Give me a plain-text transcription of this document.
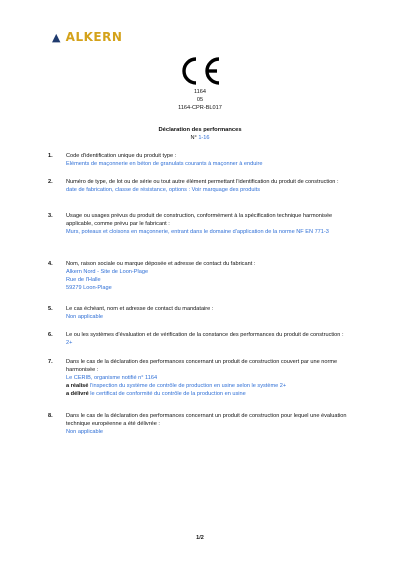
▲ ALKERN
1164
05
1164-CPR-BL017
Déclaration des performances
N° 1-16
1. Code d'identification unique du produit type :
Eléments de maçonnerie en béton de granulats courants à maçonner à enduire
2. Numéro de type, de lot ou de série ou tout autre élément permettant l'identification du produit de construction :
date de fabrication, classe de résistance, options : Voir marquage des produits
3. Usage ou usages prévus du produit de construction, conformément à la spécification technique harmonisée applicable, comme prévu par le fabricant :
Murs, poteaux et cloisons en maçonnerie, entrant dans le domaine d'application de la norme NF EN 771-3
4. Nom, raison sociale ou marque déposée et adresse de contact du fabricant :
Alkern Nord - Site de Loon-Plage
Rue de l'Halle
59279 Loon-Plage
5. Le cas échéant, nom et adresse de contact du mandataire :
Non applicable
6. Le ou les systèmes d'évaluation et de vérification de la constance des performances du produit de construction : 2+
7. Dans le cas de la déclaration des performances concernant un produit de construction couvert par une norme harmonisée :
Le CERIB, organisme notifié n° 1164
a réalisé l'inspection du système de contrôle de production en usine selon le système 2+
a délivré le certificat de conformité du contrôle de la production en usine
8. Dans le cas de la déclaration des performances concernant un produit de construction pour lequel une évaluation technique européenne a été délivrée :
Non applicable
1/2
